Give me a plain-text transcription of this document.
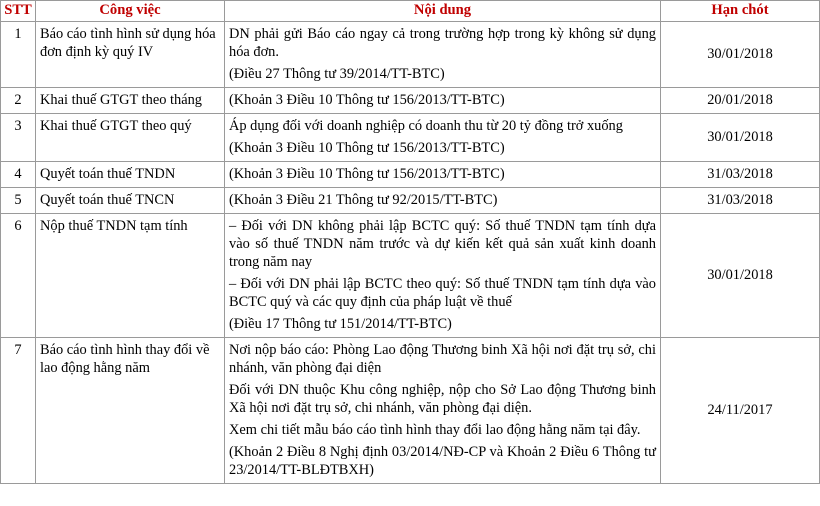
STT	Công việc	Nội dung	Hạn chót
1	Báo cáo tình hình sử dụng hóa đơn định kỳ quý IV	DN phải gửi Báo cáo ngay cả trong trường hợp trong kỳ không sử dụng hóa đơn.

(Điều 27 Thông tư 39/2014/TT-BTC)	30/01/2018
2	Khai thuế GTGT theo tháng	(Khoản 3 Điều 10 Thông tư 156/2013/TT-BTC)	20/01/2018
3	Khai thuế GTGT theo quý	Áp dụng đối với doanh nghiệp có doanh thu từ 20 tỷ đồng trở xuống

(Khoản 3 Điều 10 Thông tư 156/2013/TT-BTC)	30/01/2018
4	Quyết toán thuế TNDN	(Khoản 3 Điều 10 Thông tư 156/2013/TT-BTC)	31/03/2018
5	Quyết toán thuế TNCN	(Khoản 3 Điều 21 Thông tư 92/2015/TT-BTC)	31/03/2018
6	Nộp thuế TNDN tạm tính	– Đối với DN không phải lập BCTC quý: Số thuế TNDN tạm tính dựa vào số thuế TNDN năm trước và dự kiến kết quả sản xuất kinh doanh trong năm nay

– Đối với DN phải lập BCTC theo quý: Số thuế TNDN tạm tính dựa vào BCTC quý và các quy định của pháp luật về thuế

(Điều 17 Thông tư 151/2014/TT-BTC)	30/01/2018
7	Báo cáo tình hình thay đổi về lao động hằng năm	Nơi nộp báo cáo: Phòng Lao động Thương binh Xã hội nơi đặt trụ sở, chi nhánh, văn phòng đại diện

Đối với DN thuộc Khu công nghiệp, nộp cho Sở Lao động Thương binh Xã hội nơi đặt trụ sở, chi nhánh, văn phòng đại diện.

Xem chi tiết mẫu báo cáo tình hình thay đổi lao động hằng năm tại đây.

(Khoản 2 Điều 8 Nghị định 03/2014/NĐ-CP và Khoản 2 Điều 6 Thông tư 23/2014/TT-BLĐTBXH)	24/11/2017
